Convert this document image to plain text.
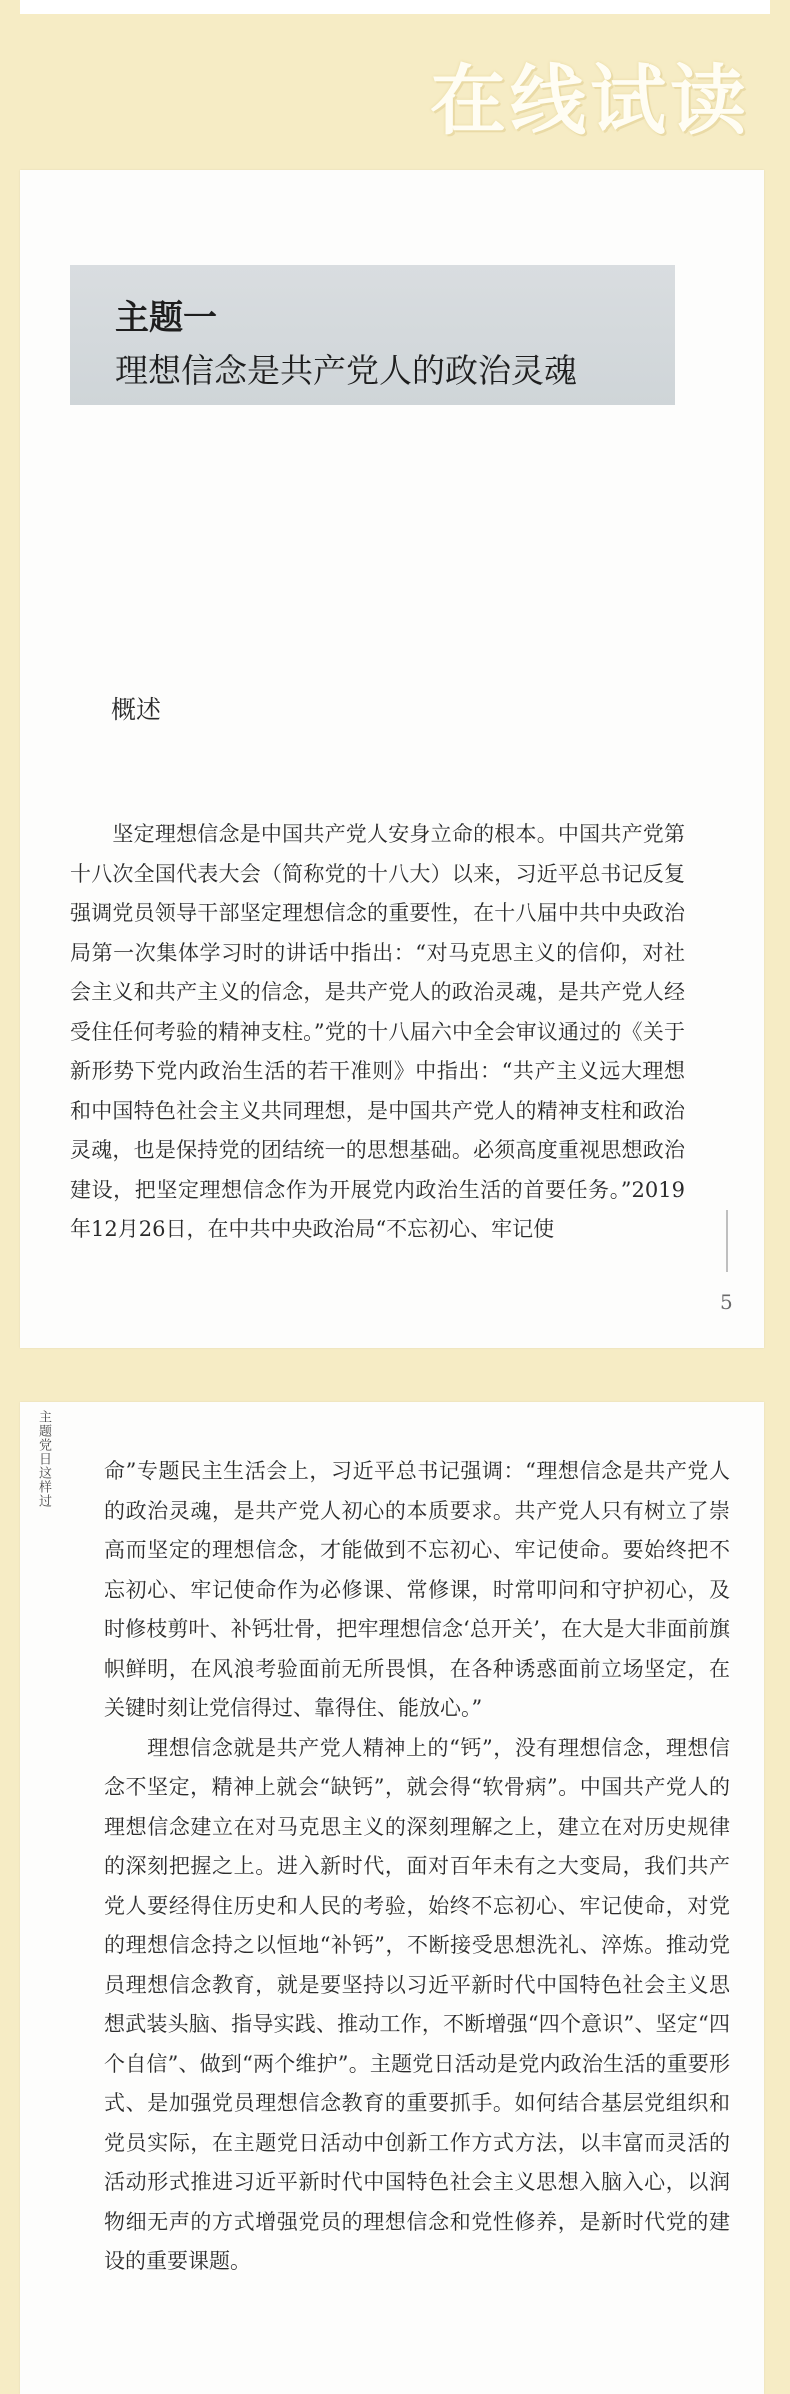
在线试读
主题一
理想信念是共产党人的政治灵魂
概述

　　坚定理想信念是中国共产党人安身立命的根本。中国共产党第十八次全国代表大会（简称党的十八大）以来，习近平总书记反复强调党员领导干部坚定理想信念的重要性，在十八届中共中央政治局第一次集体学习时的讲话中指出：“对马克思主义的信仰，对社会主义和共产主义的信念，是共产党人的政治灵魂，是共产党人经受住任何考验的精神支柱。”党的十八届六中全会审议通过的《关于新形势下党内政治生活的若干准则》中指出：“共产主义远大理想和中国特色社会主义共同理想，是中国共产党人的精神支柱和政治灵魂，也是保持党的团结统一的思想基础。必须高度重视思想政治建设，把坚定理想信念作为开展党内政治生活的首要任务。”2019年12月26日，在中共中央政治局“不忘初心、牢记使

5
主题党日这样过	命”专题民主生活会上，习近平总书记强调：“理想信念是共产党人的政治灵魂，是共产党人初心的本质要求。共产党人只有树立了崇高而坚定的理想信念，才能做到不忘初心、牢记使命。要始终把不忘初心、牢记使命作为必修课、常修课，时常叩问和守护初心，及时修枝剪叶、补钙壮骨，把牢理想信念‘总开关’，在大是大非面前旗帜鲜明，在风浪考验面前无所畏惧，在各种诱惑面前立场坚定，在关键时刻让党信得过、靠得住、能放心。”

　　理想信念就是共产党人精神上的“钙”，没有理想信念，理想信念不坚定，精神上就会“缺钙”，就会得“软骨病”。中国共产党人的理想信念建立在对马克思主义的深刻理解之上，建立在对历史规律的深刻把握之上。进入新时代，面对百年未有之大变局，我们共产党人要经得住历史和人民的考验，始终不忘初心、牢记使命，对党的理想信念持之以恒地“补钙”，不断接受思想洗礼、淬炼。推动党员理想信念教育，就是要坚持以习近平新时代中国特色社会主义思想武装头脑、指导实践、推动工作，不断增强“四个意识”、坚定“四个自信”、做到“两个维护”。主题党日活动是党内政治生活的重要形式、是加强党员理想信念教育的重要抓手。如何结合基层党组织和党员实际，在主题党日活动中创新工作方式方法，以丰富而灵活的活动形式推进习近平新时代中国特色社会主义思想入脑入心，以润物细无声的方式增强党员的理想信念和党性修养，是新时代党的建设的重要课题。
